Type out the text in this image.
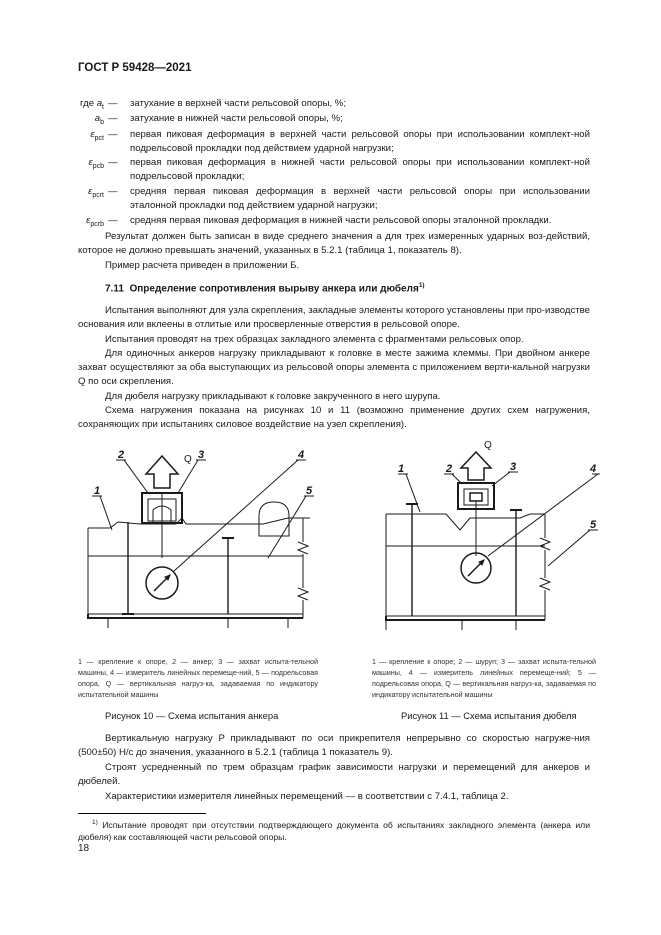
ГОСТ Р 59428—2021
где $a_t$ — затухание в верхней части рельсовой опоры, %;
$a_b$ — затухание в нижней части рельсовой опоры, %;
$\varepsilon_{pct}$ — первая пиковая деформация в верхней части рельсовой опоры при использовании комплект-ной подрельсовой прокладки под действием ударной нагрузки;
$\varepsilon_{pcb}$ — первая пиковая деформация в нижней части рельсовой опоры при использовании комплект-ной подрельсовой прокладки;
$\varepsilon_{pcrt}$ — средняя первая пиковая деформация в верхней части рельсовой опоры при использовании эталонной прокладки под действием ударной нагрузки;
$\varepsilon_{pcrb}$ — средняя первая пиковая деформация в нижней части рельсовой опоры эталонной прокладки.

Результат должен быть записан в виде среднего значения a для трех измеренных ударных воз-действий, которое не должно превышать значений, указанных в 5.2.1 (таблица 1, показатель 8).

Пример расчета приведен в приложении Б.

7.11 Определение сопротивления вырыву анкера или дюбеля$^{1)}$

Испытания выполняют для узла скрепления, закладные элементы которого установлены при про-изводстве основания или вклеены в отлитые или просверленные отверстия в рельсовой опоре.

Испытания проводят на трех образцах закладного элемента с фрагментами рельсовых опор.

Для одиночных анкеров нагрузку прикладывают к головке в месте зажима клеммы. При двойном анкере захват осуществляют за оба выступающих из рельсовой опоры элемента с приложением верти-кальной нагрузки Q по оси скрепления.

Для дюбеля нагрузку прикладывают к головке закрученного в него шурупа.

Схема нагружения показана на рисунках 10 и 11 (возможно применение других схем нагружения, сохраняющих при испытаниях силовое воздействие на узел скрепления).

Q
1
2	3	4
5
Q
1	2	3	4
5
1 — крепление к опоре, 2 — анкер; 3 — захват испыта-тельной машины, 4 — измеритель линейных перемеще-ний, 5 — подрельсовая опора, Q — вертикальная нагруз-ка, задаваемая по индикатору испытательной машины
1 — крепление к опоре; 2 — шуруп; 3 — захват испыта-тельной машины, 4 — измеритель линейных перемеще-ний; 5 — подрельсовая опора, Q — вертикальная нагруз-ка, задаваемая по индикатору испытательной машины
Рисунок 10 — Схема испытания анкера	Рисунок 11 — Схема испытания дюбеля

Вертикальную нагрузку P прикладывают по оси прикрепителя непрерывно со скоростью нагруже-ния (500±50) Н/с до значения, указанного в 5.2.1 (таблица 1 показатель 9).

Строят усредненный по трем образцам график зависимости нагрузки и перемещений для анкеров и дюбелей.

Характеристики измерителя линейных перемещений — в соответствии с 7.4.1, таблица 2.

$^{1)}$ Испытание проводят при отсутствии подтверждающего документа об испытаниях закладного элемента (анкера или дюбеля) как составляющей части рельсовой опоры.
18
